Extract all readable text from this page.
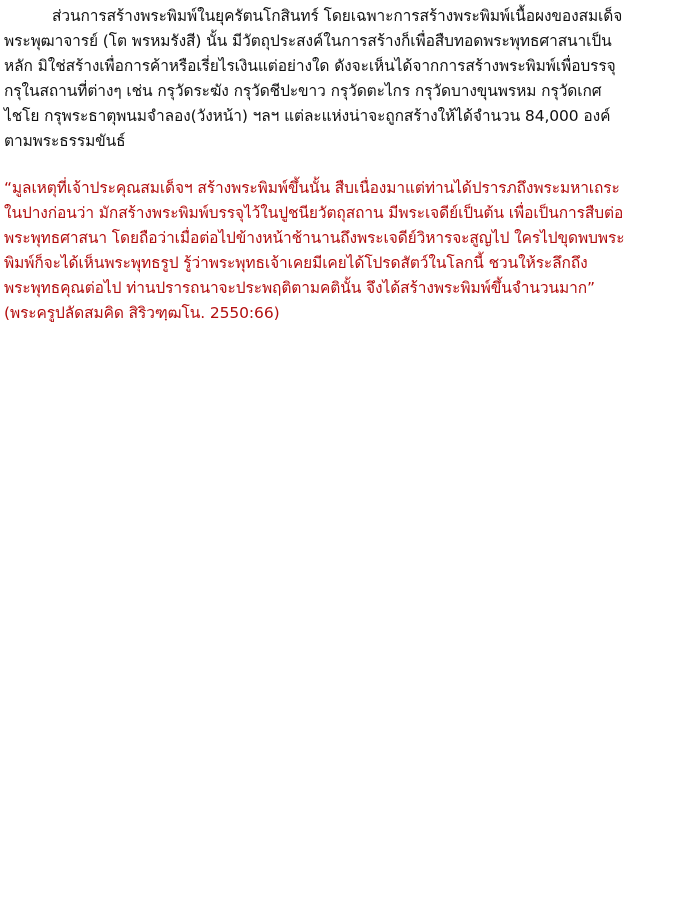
ส่วนการสร้างพระพิมพ์ในยุครัตนโกสินทร์ โดยเฉพาะการสร้างพระพิมพ์เนื้อผงของสมเด็จ
พระพุฒาจารย์ (โต พรหมรังสี) นั้น มีวัตถุประสงค์ในการสร้างก็เพื่อสืบทอดพระพุทธศาสนาเป็น
หลัก มิใช่สร้างเพื่อการค้าหรือเรี่ยไรเงินแต่อย่างใด ดังจะเห็นได้จากการสร้างพระพิมพ์เพื่อบรรจุ
กรุในสถานที่ต่างๆ เช่น กรุวัดระฆัง กรุวัดชีปะขาว กรุวัดตะไกร กรุวัดบางขุนพรหม กรุวัดเกศ
ไชโย กรุพระธาตุพนมจำลอง(วังหน้า) ฯลฯ แต่ละแห่งน่าจะถูกสร้างให้ได้จำนวน 84,000 องค์
ตามพระธรรมขันธ์

“มูลเหตุที่เจ้าประคุณสมเด็จฯ สร้างพระพิมพ์ขึ้นนั้น สืบเนื่องมาแต่ท่านได้ปรารภถึงพระมหาเถระ
ในปางก่อนว่า มักสร้างพระพิมพ์บรรจุไว้ในปูชนียวัตถุสถาน มีพระเจดีย์เป็นต้น เพื่อเป็นการสืบต่อ
พระพุทธศาสนา โดยถือว่าเมื่อต่อไปข้างหน้าช้านานถึงพระเจดีย์วิหารจะสูญไป ใครไปขุดพบพระ
พิมพ์ก็จะได้เห็นพระพุทธรูป รู้ว่าพระพุทธเจ้าเคยมีเคยได้โปรดสัตว์ในโลกนี้ ชวนให้ระลึกถึง
พระพุทธคุณต่อไป ท่านปรารถนาจะประพฤติตามคตินั้น จึงได้สร้างพระพิมพ์ขึ้นจำนวนมาก”
(พระครูปลัดสมคิด สิริวฑฺฒโน. 2550:66)
